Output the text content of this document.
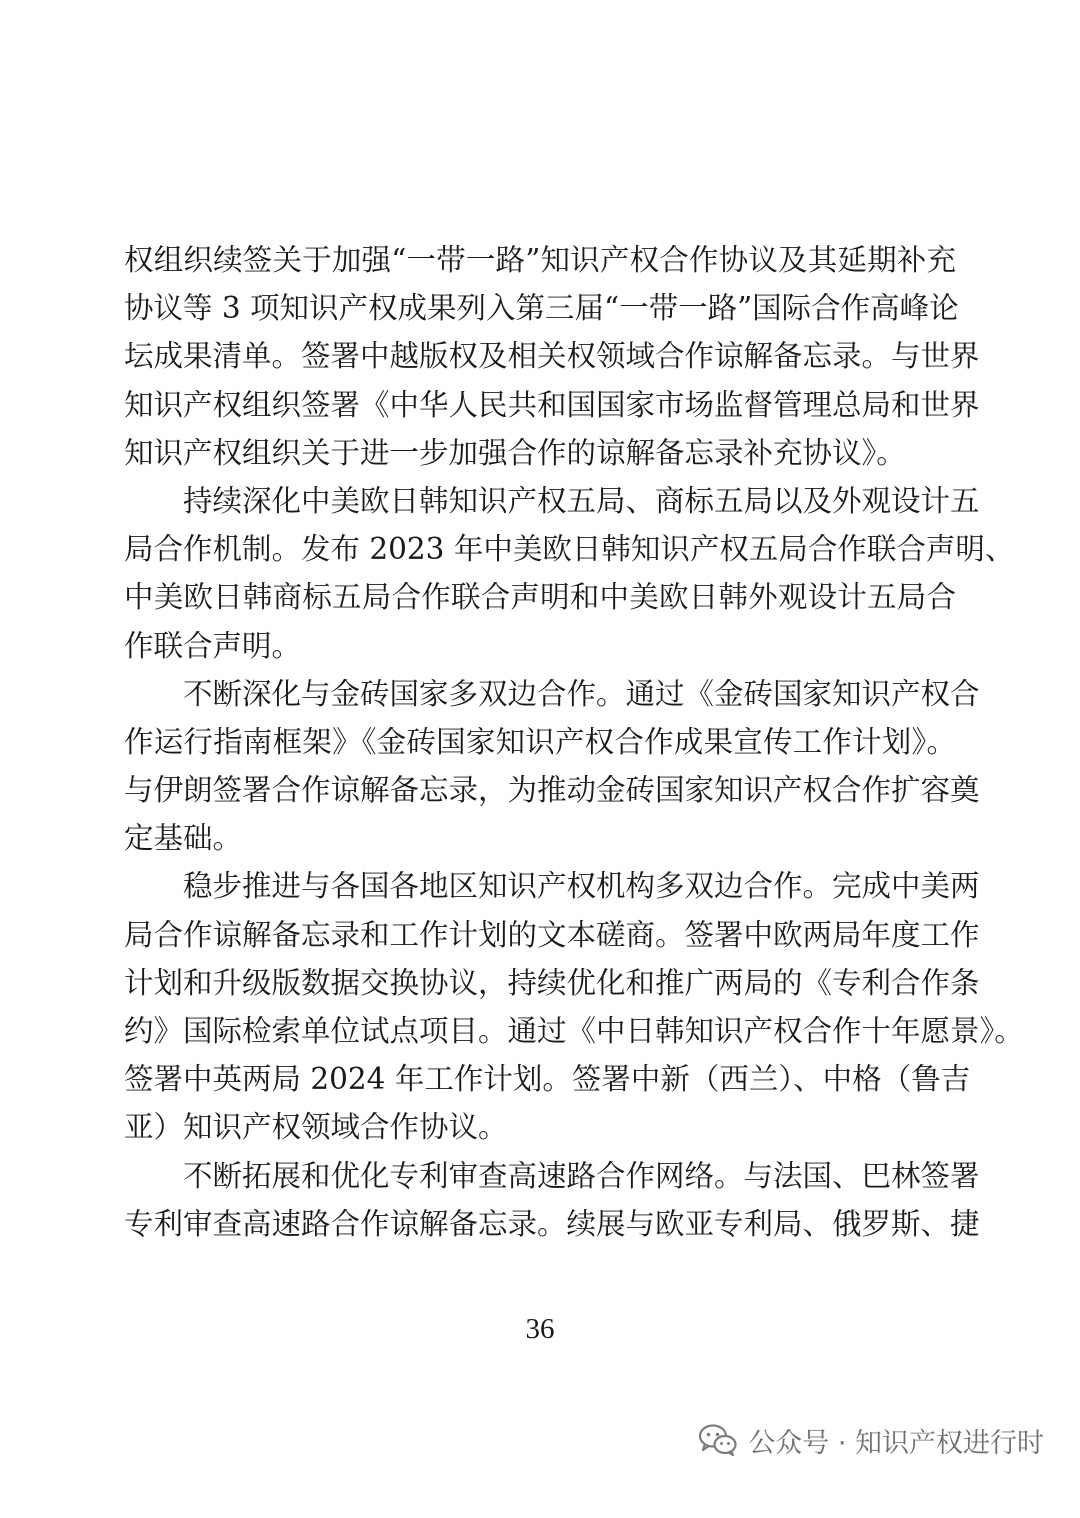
权组织续签关于加强“一带一路”知识产权合作协议及其延期补充
协议等 3 项知识产权成果列入第三届“一带一路”国际合作高峰论
坛成果清单。签署中越版权及相关权领域合作谅解备忘录。与世界
知识产权组织签署《中华人民共和国国家市场监督管理总局和世界
知识产权组织关于进一步加强合作的谅解备忘录补充协议》。
　　持续深化中美欧日韩知识产权五局、商标五局以及外观设计五
局合作机制。发布 2023 年中美欧日韩知识产权五局合作联合声明、
中美欧日韩商标五局合作联合声明和中美欧日韩外观设计五局合
作联合声明。
　　不断深化与金砖国家多双边合作。通过《金砖国家知识产权合
作运行指南框架》《金砖国家知识产权合作成果宣传工作计划》。
与伊朗签署合作谅解备忘录，为推动金砖国家知识产权合作扩容奠
定基础。
　　稳步推进与各国各地区知识产权机构多双边合作。完成中美两
局合作谅解备忘录和工作计划的文本磋商。签署中欧两局年度工作
计划和升级版数据交换协议，持续优化和推广两局的《专利合作条
约》国际检索单位试点项目。通过《中日韩知识产权合作十年愿景》。
签署中英两局 2024 年工作计划。签署中新（西兰）、中格（鲁吉
亚）知识产权领域合作协议。
　　不断拓展和优化专利审查高速路合作网络。与法国、巴林签署
专利审查高速路合作谅解备忘录。续展与欧亚专利局、俄罗斯、捷
36
公众号 · 知识产权进行时
